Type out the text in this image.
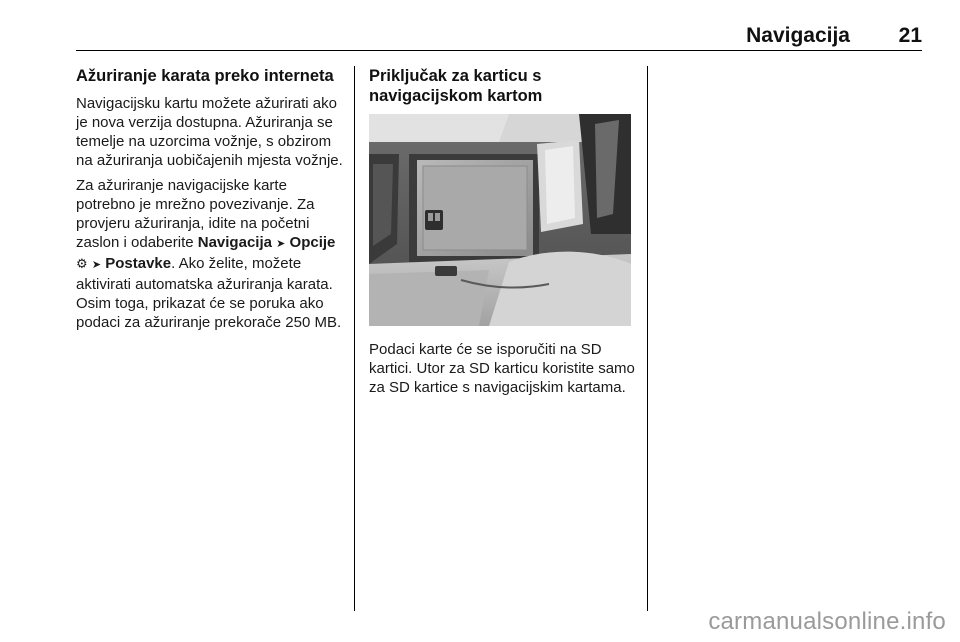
Navigacija 21
Ažuriranje karata preko interneta

Navigacijsku kartu možete ažurirati ako je nova verzija dostupna. Ažuriranja se temelje na uzorcima vožnje, s obzirom na ažuriranja uobičajenih mjesta vožnje.

Za ažuriranje navigacijske karte potrebno je mrežno povezivanje. Za provjeru ažuriranja, idite na početni zaslon i odaberite Navigacija ➤ Opcije ⚙ ➤ Postavke. Ako želite, možete aktivirati automatska ažuriranja karata. Osim toga, prikazat će se poruka ako podaci za ažuriranje prekorače 250 MB.

Priključak za karticu s navigacijskom kartom

Podaci karte će se isporučiti na SD kartici. Utor za SD karticu koristite samo za SD kartice s navigacijskim kartama.

carmanualsonline.info
